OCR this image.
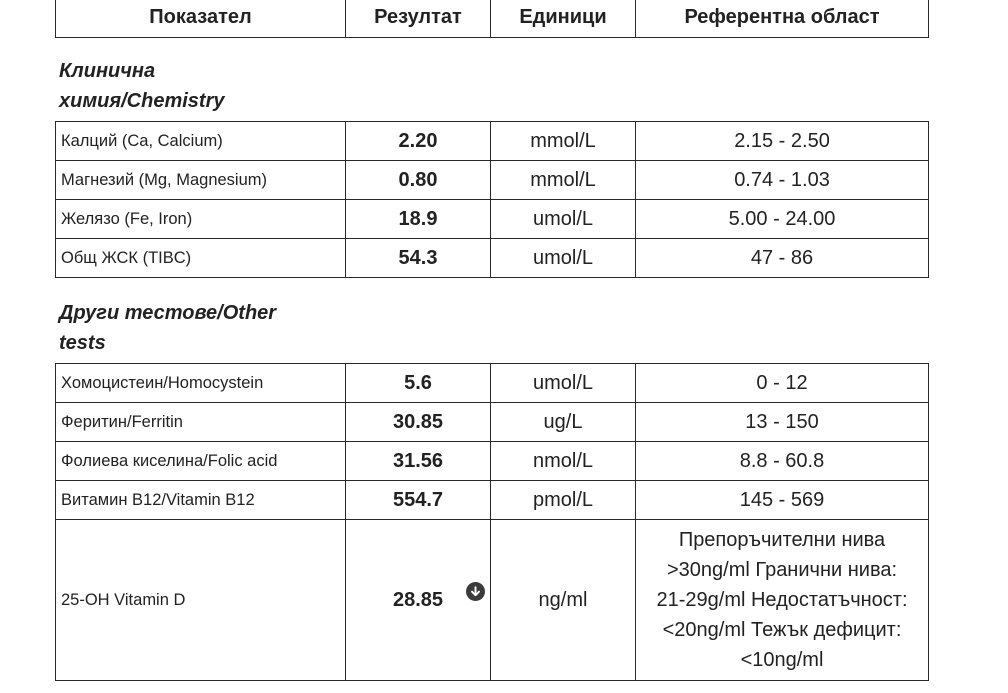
Показател	Резултат	Единици	Референтна област
Клинична
химия/Chemistry
Калций (Ca, Calcium)	2.20	mmol/L	2.15 - 2.50
Магнезий (Mg, Magnesium)	0.80	mmol/L	0.74 - 1.03
Желязо (Fe, Iron)	18.9	umol/L	5.00 - 24.00
Общ ЖСК (TIBC)	54.3	umol/L	47 - 86
Други тестове/Other
tests
Хомоцистеин/Homocystein	5.6	umol/L	0 - 12
Феритин/Ferritin	30.85	ug/L	13 - 150
Фолиева киселина/Folic acid	31.56	nmol/L	8.8 - 60.8
Витамин B12/Vitamin B12	554.7	pmol/L	145 - 569
25-OH Vitamin D	28.85	ng/ml	Препоръчителни нива
>30ng/ml Гранични нива:
21-29g/ml Недостатъчност:
<20ng/ml Тежък дефицит:
<10ng/ml
